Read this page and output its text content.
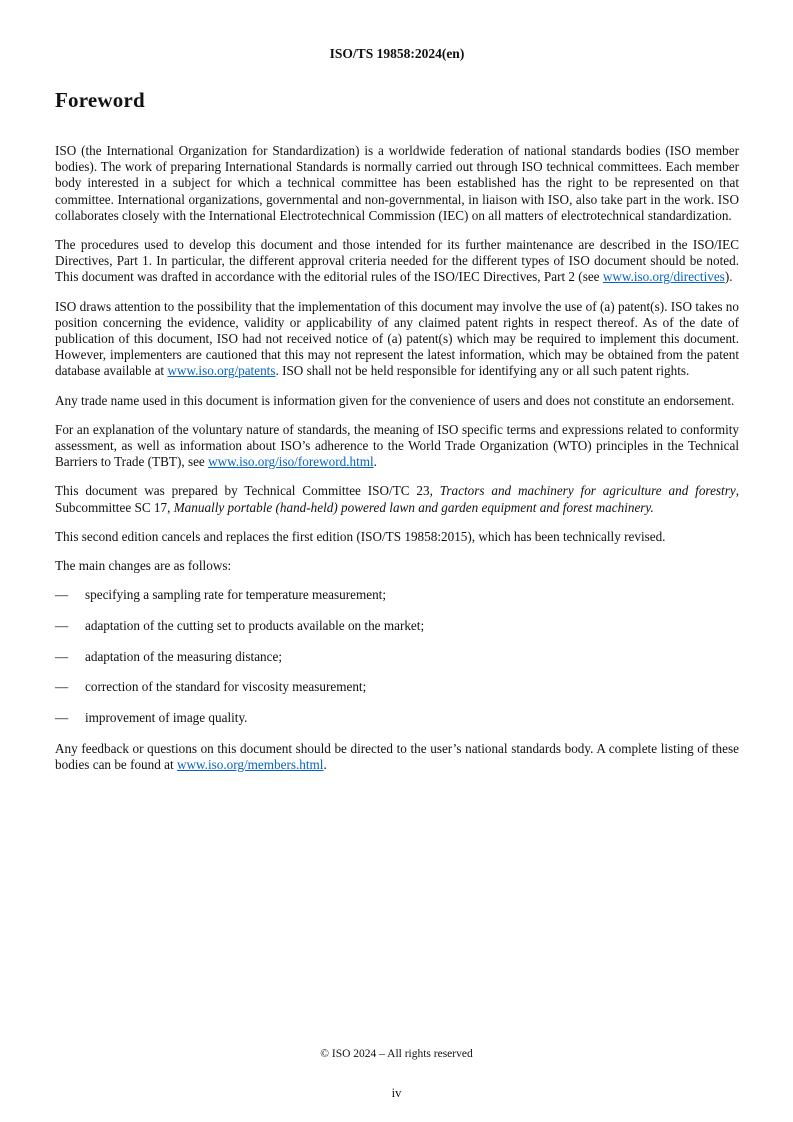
ISO/TS 19858:2024(en)
Foreword

ISO (the International Organization for Standardization) is a worldwide federation of national standards bodies (ISO member bodies). The work of preparing International Standards is normally carried out through ISO technical committees. Each member body interested in a subject for which a technical committee has been established has the right to be represented on that committee. International organizations, governmental and non-governmental, in liaison with ISO, also take part in the work. ISO collaborates closely with the International Electrotechnical Commission (IEC) on all matters of electrotechnical standardization.

The procedures used to develop this document and those intended for its further maintenance are described in the ISO/IEC Directives, Part 1. In particular, the different approval criteria needed for the different types of ISO document should be noted. This document was drafted in accordance with the editorial rules of the ISO/IEC Directives, Part 2 (see www.iso.org/directives).

ISO draws attention to the possibility that the implementation of this document may involve the use of (a) patent(s). ISO takes no position concerning the evidence, validity or applicability of any claimed patent rights in respect thereof. As of the date of publication of this document, ISO had not received notice of (a) patent(s) which may be required to implement this document. However, implementers are cautioned that this may not represent the latest information, which may be obtained from the patent database available at www.iso.org/patents. ISO shall not be held responsible for identifying any or all such patent rights.

Any trade name used in this document is information given for the convenience of users and does not constitute an endorsement.

For an explanation of the voluntary nature of standards, the meaning of ISO specific terms and expressions related to conformity assessment, as well as information about ISO’s adherence to the World Trade Organization (WTO) principles in the Technical Barriers to Trade (TBT), see www.iso.org/iso/foreword.html.

This document was prepared by Technical Committee ISO/TC 23, Tractors and machinery for agriculture and forestry, Subcommittee SC 17, Manually portable (hand-held) powered lawn and garden equipment and forest machinery.

This second edition cancels and replaces the first edition (ISO/TS 19858:2015), which has been technically revised.

The main changes are as follows:

—	specifying a sampling rate for temperature measurement;
—	adaptation of the cutting set to products available on the market;
—	adaptation of the measuring distance;
—	correction of the standard for viscosity measurement;
—	improvement of image quality.

Any feedback or questions on this document should be directed to the user’s national standards body. A complete listing of these bodies can be found at www.iso.org/members.html.

© ISO 2024 – All rights reserved
iv
